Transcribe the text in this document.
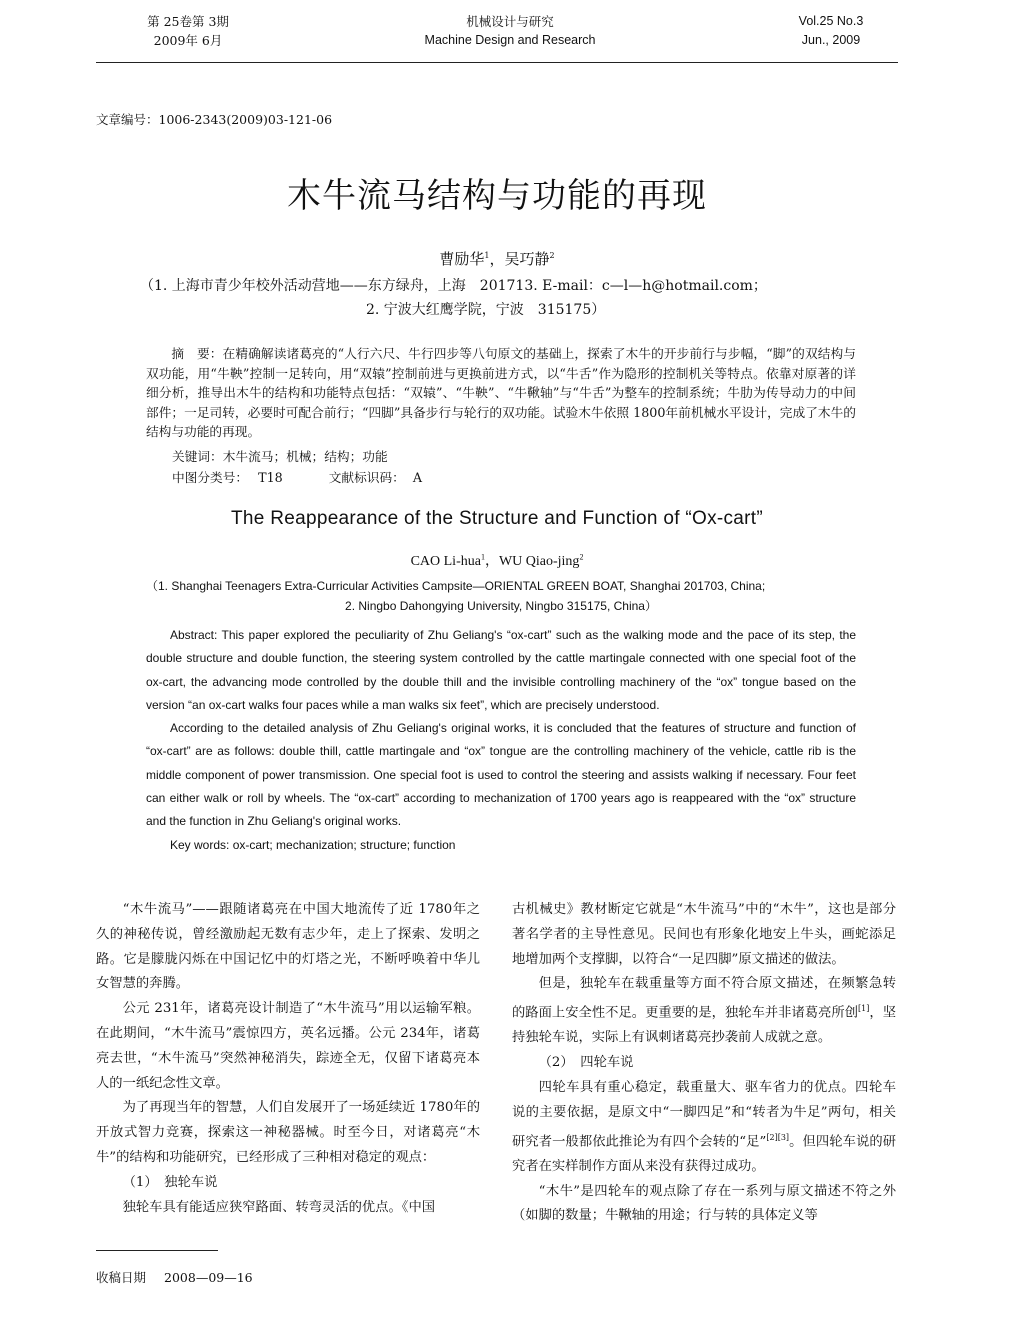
第 25卷第 3期
2009年 6月
机械设计与研究
Machine Design and Research
Vol.25 No.3
Jun., 2009
文章编号：1006-2343(2009)03-121-06
木牛流马结构与功能的再现
曹励华$^1$，吴巧静$^2$
（1. 上海市青少年校外活动营地——东方绿舟，上海　201713. E-mail：c—l—h@hotmail.com；
2. 宁波大红鹰学院，宁波　315175）

摘　要：在精确解读诸葛亮的“人行六尺、牛行四步等八句原文的基础上，探索了木牛的开步前行与步幅，“脚”的双结构与双功能，用“牛鞅”控制一足转向，用“双辕”控制前进与更换前进方式，以“牛舌”作为隐形的控制机关等特点。依靠对原著的详细分析，推导出木牛的结构和功能特点包括：“双辕”、“牛鞅”、“牛鞦轴”与“牛舌”为整车的控制系统；牛肋为传导动力的中间部件；一足司转，必要时可配合前行；“四脚”具备步行与轮行的双功能。试验木牛依照 1800年前机械水平设计，完成了木牛的结构与功能的再现。

关键词：木牛流马；机械；结构；功能
中图分类号： T18	文献标识码： A
The Reappearance of the Structure and Function of “Ox-cart”
CAO Li-hua$^1$，WU Qiao-jing$^2$
（1. Shanghai Teenagers Extra-Curricular Activities Campsite—ORIENTAL GREEN BOAT, Shanghai 201703, China;
2. Ningbo Dahongying University, Ningbo 315175, China）

Abstract: This paper explored the peculiarity of Zhu Geliang's “ox-cart” such as the walking mode and the pace of its step, the double structure and double function, the steering system controlled by the cattle martingale connected with one special foot of the ox-cart, the advancing mode controlled by the double thill and the invisible controlling machinery of the “ox” tongue based on the version “an ox-cart walks four paces while a man walks six feet”, which are precisely understood.

According to the detailed analysis of Zhu Geliang's original works, it is concluded that the features of structure and function of “ox-cart” are as follows: double thill, cattle martingale and “ox” tongue are the controlling machinery of the vehicle, cattle rib is the middle component of power transmission. One special foot is used to control the steering and assists walking if necessary. Four feet can either walk or roll by wheels. The “ox-cart” according to mechanization of 1700 years ago is reappeared with the “ox” structure and the function in Zhu Geliang's original works.

Key words: ox-cart; mechanization; structure; function

“木牛流马”——跟随诸葛亮在中国大地流传了近 1780年之久的神秘传说，曾经激励起无数有志少年，走上了探索、发明之路。它是朦胧闪烁在中国记忆中的灯塔之光，不断呼唤着中华儿女智慧的奔腾。

公元 231年，诸葛亮设计制造了“木牛流马”用以运输军粮。在此期间，“木牛流马”震惊四方，英名远播。公元 234年，诸葛亮去世，“木牛流马”突然神秘消失，踪迹全无，仅留下诸葛亮本人的一纸纪念性文章。

为了再现当年的智慧，人们自发展开了一场延续近 1780年的开放式智力竞赛，探索这一神秘器械。时至今日，对诸葛亮“木牛”的结构和功能研究，已经形成了三种相对稳定的观点：

（1）　独轮车说

独轮车具有能适应狭窄路面、转弯灵活的优点。《中国

古机械史》教材断定它就是“木牛流马”中的“木牛”，这也是部分著名学者的主导性意见。民间也有形象化地安上牛头，画蛇添足地增加两个支撑脚，以符合“一足四脚”原文描述的做法。

但是，独轮车在载重量等方面不符合原文描述，在频繁急转的路面上安全性不足。更重要的是，独轮车并非诸葛亮所创[1]，坚持独轮车说，实际上有讽刺诸葛亮抄袭前人成就之意。

（2）　四轮车说

四轮车具有重心稳定，载重量大、驱车省力的优点。四轮车说的主要依据，是原文中“一脚四足”和“转者为牛足”两句，相关研究者一般都依此推论为有四个会转的“足”[2][3]。但四轮车说的研究者在实样制作方面从来没有获得过成功。

“木牛”是四轮车的观点除了存在一系列与原文描述不符之外（如脚的数量；牛鞦轴的用途；行与转的具体定义等

收稿日期 2008—09—16
